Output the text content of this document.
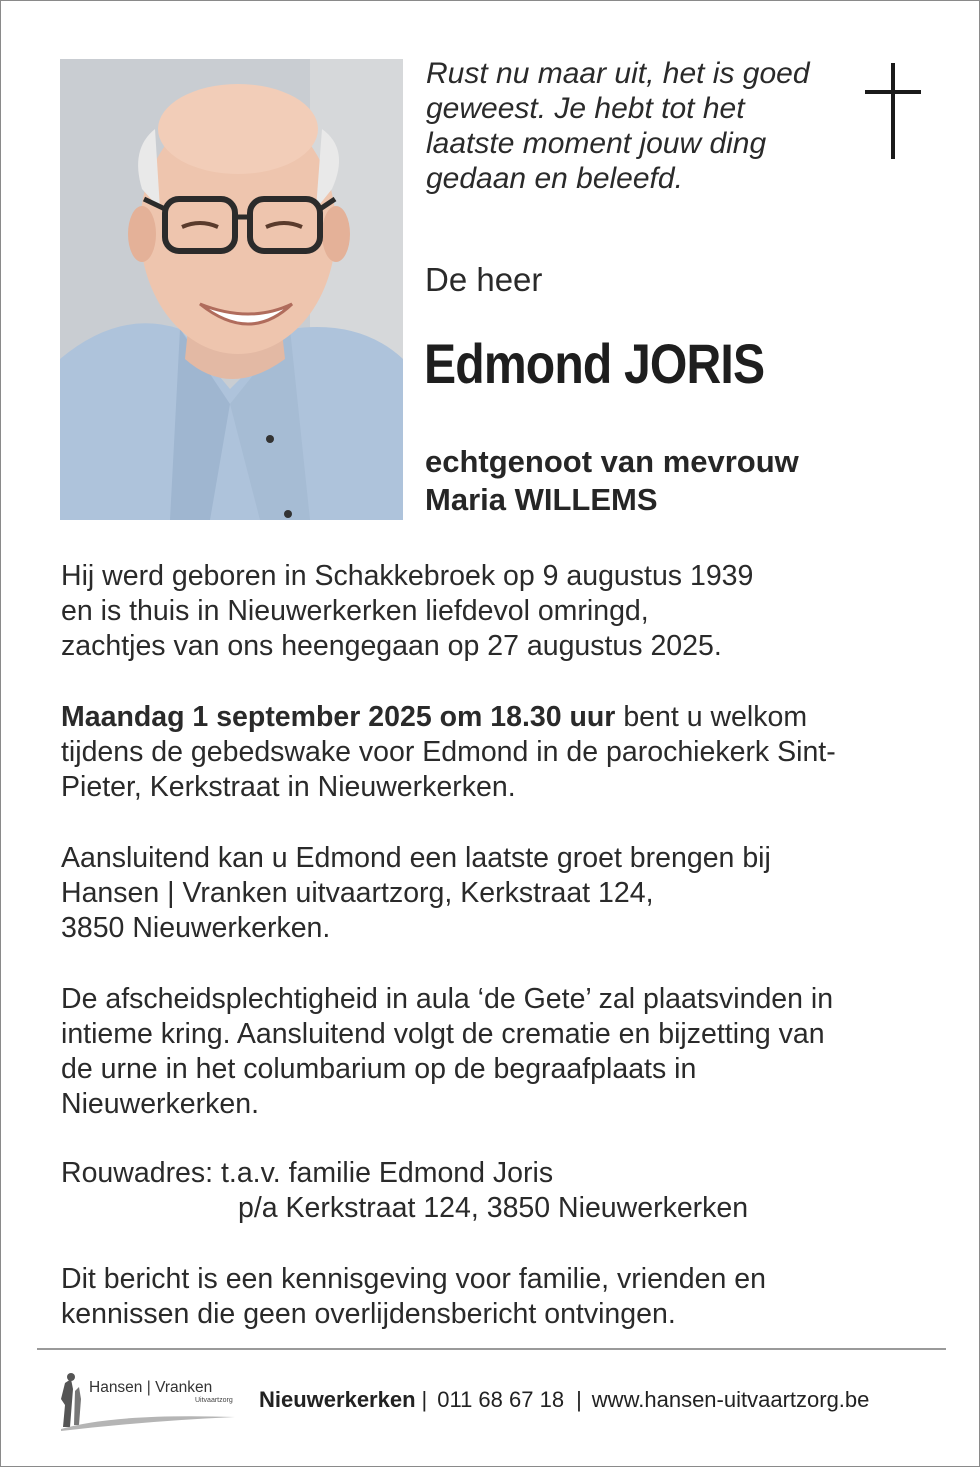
Rust nu maar uit, het is goed
geweest. Je hebt tot het
laatste moment jouw ding
gedaan en beleefd.
De heer
Edmond JORIS
echtgenoot van mevrouw
Maria WILLEMS
Hij werd geboren in Schakkebroek op 9 augustus 1939
en is thuis in Nieuwerkerken liefdevol omringd,
zachtjes van ons heengegaan op 27 augustus 2025.
Maandag 1 september 2025 om 18.30 uur bent u welkom
tijdens de gebedswake voor Edmond in de parochiekerk Sint-
Pieter, Kerkstraat in Nieuwerkerken.
Aansluitend kan u Edmond een laatste groet brengen bij
Hansen | Vranken uitvaartzorg, Kerkstraat 124,
3850 Nieuwerkerken.
De afscheidsplechtigheid in aula ‘de Gete’ zal plaatsvinden in
intieme kring. Aansluitend volgt de crematie en bijzetting van
de urne in het columbarium op de begraafplaats in
Nieuwerkerken.
Rouwadres: t.a.v. familie Edmond Joris
p/a Kerkstraat 124, 3850 Nieuwerkerken
Dit bericht is een kennisgeving voor familie, vrienden en
kennissen die geen overlijdensbericht ontvingen.
Hansen | Vranken
Uitvaartzorg Nieuwerkerken | 011 68 67 18 | www.hansen-uitvaartzorg.be
